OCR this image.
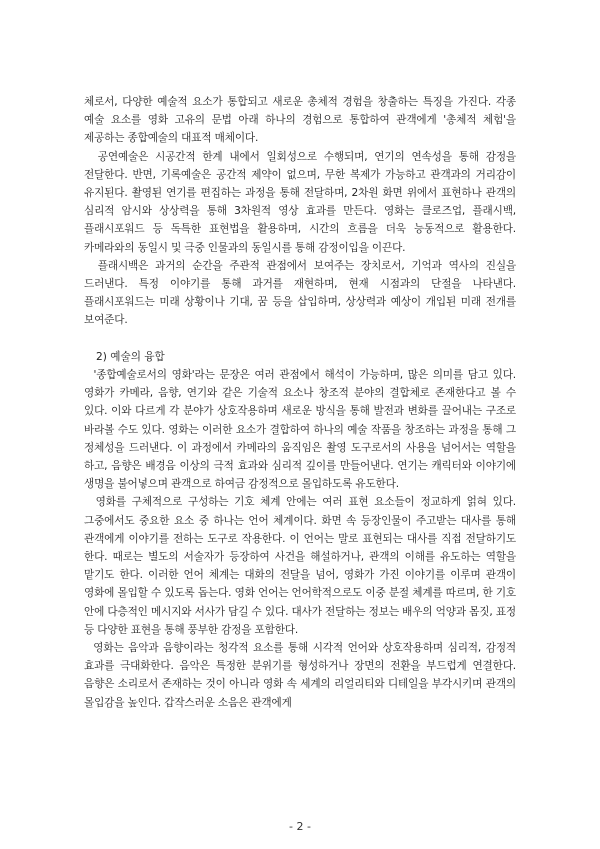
체로서, 다양한 예술적 요소가 통합되고 새로운 총체적 경험을 창출하는 특징을 가진다. 각종 예술 요소를 영화 고유의 문법 아래 하나의 경험으로 통합하여 관객에게 '총체적 체험'을 제공하는 종합예술의 대표적 매체이다.

공연예술은 시공간적 한계 내에서 일회성으로 수행되며, 연기의 연속성을 통해 감정을 전달한다. 반면, 기록예술은 공간적 제약이 없으며, 무한 복제가 가능하고 관객과의 거리감이 유지된다. 촬영된 연기를 편집하는 과정을 통해 전달하며, 2차원 화면 위에서 표현하나 관객의 심리적 암시와 상상력을 통해 3차원적 영상 효과를 만든다. 영화는 클로즈업, 플래시백, 플래시포워드 등 독특한 표현법을 활용하며, 시간의 흐름을 더욱 능동적으로 활용한다. 카메라와의 동일시 및 극중 인물과의 동일시를 통해 감정이입을 이끈다.

플래시백은 과거의 순간을 주관적 관점에서 보여주는 장치로서, 기억과 역사의 진실을 드러낸다. 특정 이야기를 통해 과거를 재현하며, 현재 시점과의 단절을 나타낸다. 플래시포워드는 미래 상황이나 기대, 꿈 등을 삽입하며, 상상력과 예상이 개입된 미래 전개를 보여준다.

2) 예술의 융합

'종합예술로서의 영화'라는 문장은 여러 관점에서 해석이 가능하며, 많은 의미를 담고 있다. 영화가 카메라, 음향, 연기와 같은 기술적 요소나 창조적 분야의 결합체로 존재한다고 볼 수 있다. 이와 다르게 각 분야가 상호작용하며 새로운 방식을 통해 발전과 변화를 끌어내는 구조로 바라볼 수도 있다. 영화는 이러한 요소가 결합하여 하나의 예술 작품을 창조하는 과정을 통해 그 정체성을 드러낸다. 이 과정에서 카메라의 움직임은 촬영 도구로서의 사용을 넘어서는 역할을 하고, 음향은 배경음 이상의 극적 효과와 심리적 깊이를 만들어낸다. 연기는 캐릭터와 이야기에 생명을 불어넣으며 관객으로 하여금 감정적으로 몰입하도록 유도한다.

영화를 구체적으로 구성하는 기호 체계 안에는 여러 표현 요소들이 정교하게 얽혀 있다. 그중에서도 중요한 요소 중 하나는 언어 체계이다. 화면 속 등장인물이 주고받는 대사를 통해 관객에게 이야기를 전하는 도구로 작용한다. 이 언어는 말로 표현되는 대사를 직접 전달하기도 한다. 때로는 별도의 서술자가 등장하여 사건을 해설하거나, 관객의 이해를 유도하는 역할을 맡기도 한다. 이러한 언어 체계는 대화의 전달을 넘어, 영화가 가진 이야기를 이루며 관객이 영화에 몰입할 수 있도록 돕는다. 영화 언어는 언어학적으로도 이중 분절 체계를 따르며, 한 기호 안에 다층적인 메시지와 서사가 담길 수 있다. 대사가 전달하는 정보는 배우의 억양과 몸짓, 표정 등 다양한 표현을 통해 풍부한 감정을 포함한다.

영화는 음악과 음향이라는 청각적 요소를 통해 시각적 언어와 상호작용하며 심리적, 감정적 효과를 극대화한다. 음악은 특정한 분위기를 형성하거나 장면의 전환을 부드럽게 연결한다. 음향은 소리로서 존재하는 것이 아니라 영화 속 세계의 리얼리티와 디테일을 부각시키며 관객의 몰입감을 높인다. 갑작스러운 소음은 관객에게

- 2 -
